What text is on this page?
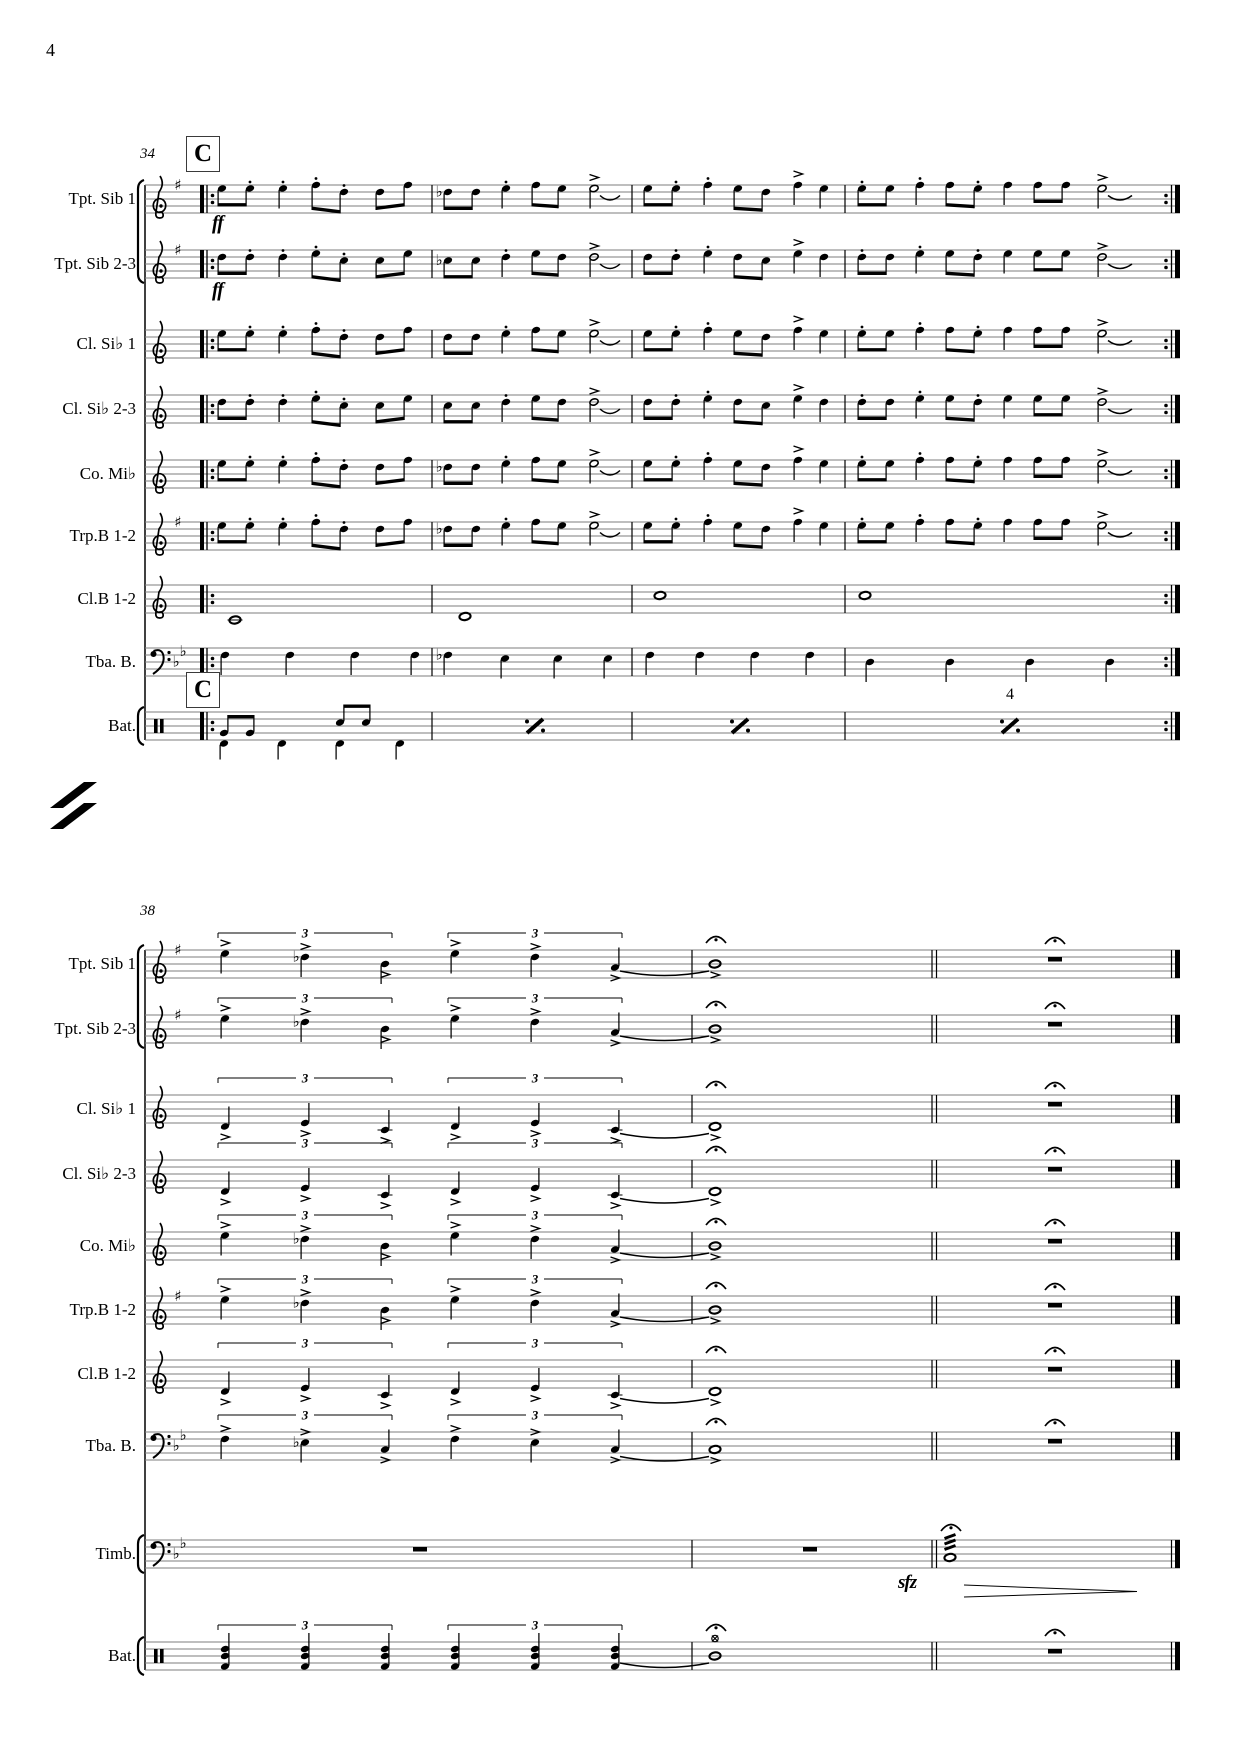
♯	♭
♯
♭
♭
♯	♭
♭
♭	♭
♯	♭
3	3
♯	♭
3	3
3	3
3	3
♭
3	3
♯	♭
3	3
3	3
♭
♭	♭
3	3
♭
♭
3	3
4
34	C
C
ff
ff
4
Tpt. Sib 1
Tpt. Sib 2-3
Cl. Si♭ 1
Cl. Si♭ 2-3
Co. Mi♭
Trp.B 1-2
Cl.B 1-2
Tba. B.
Bat.
38
sfz
Tpt. Sib 1
Tpt. Sib 2-3
Cl. Si♭ 1
Cl. Si♭ 2-3
Co. Mi♭
Trp.B 1-2
Cl.B 1-2
Tba. B.
Timb.
Bat.
